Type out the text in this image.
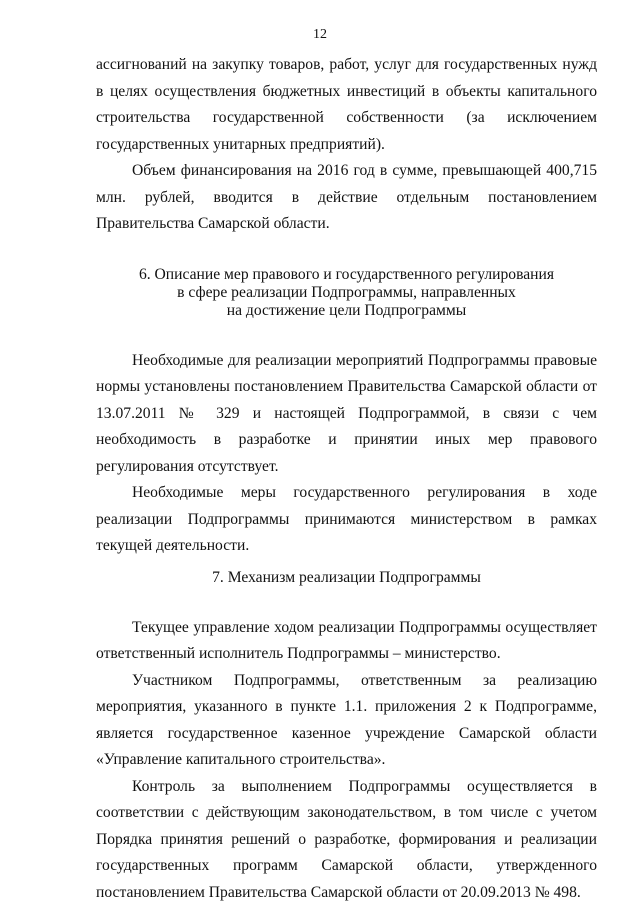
12

ассигнований на закупку товаров, работ, услуг для государственных нужд в целях осуществления бюджетных инвестиций в объекты капитального строительства государственной собственности (за исключением государственных унитарных предприятий).

Объем финансирования на 2016 год в сумме, превышающей 400,715 млн. рублей, вводится в действие отдельным постановлением Правительства Самарской области.

6. Описание мер правового и государственного регулирования
в сфере реализации Подпрограммы, направленных
на достижение цели Подпрограммы

Необходимые для реализации мероприятий Подпрограммы правовые нормы установлены постановлением Правительства Самарской области от 13.07.2011 № 329 и настоящей Подпрограммой, в связи с чем необходимость в разработке и принятии иных мер правового регулирования отсутствует.

Необходимые меры государственного регулирования в ходе реализации Подпрограммы принимаются министерством в рамках текущей деятельности.

7. Механизм реализации Подпрограммы

Текущее управление ходом реализации Подпрограммы осуществляет ответственный исполнитель Подпрограммы – министерство.

Участником Подпрограммы, ответственным за реализацию мероприятия, указанного в пункте 1.1. приложения 2 к Подпрограмме, является государственное казенное учреждение Самарской области «Управление капитального строительства».

Контроль за выполнением Подпрограммы осуществляется в соответствии с действующим законодательством, в том числе с учетом Порядка принятия решений о разработке, формирования и реализации государственных программ Самарской области, утвержденного постановлением Правительства Самарской области от 20.09.2013 № 498.
